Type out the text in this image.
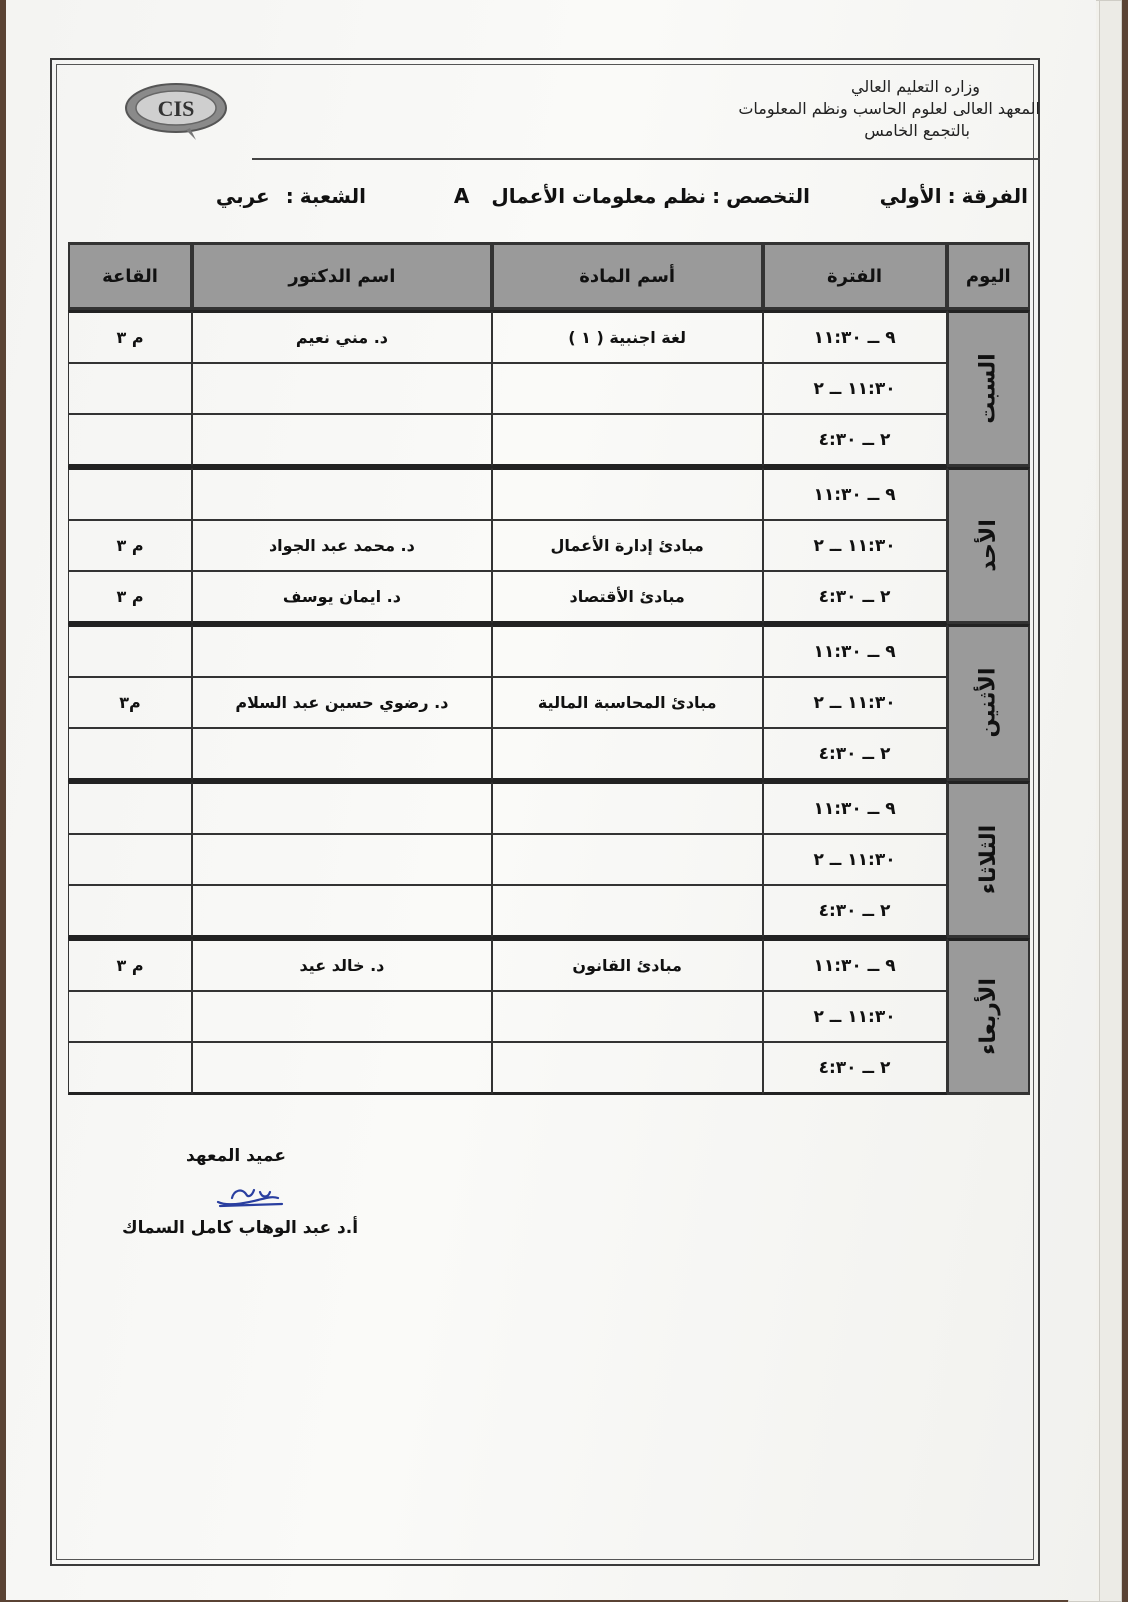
CIS
وزاره التعليم العالي
المعهد العالى لعلوم الحاسب ونظم المعلومات
بالتجمع الخامس
الفرقة:الأولي
التخصص:نظم معلومات الأعمالA
الشعبة:عربي
اليوم	الفترة	أسم المادة	اسم الدكتور	القاعة
السبت	٩ ــ ١١:٣٠	لغة اجنبية ( ١ )	د. مني نعيم	م ٣
	١١:٣٠ ــ ٢			
	٢ ــ ٤:٣٠			
الأحد	٩ ــ ١١:٣٠			
	١١:٣٠ ــ ٢	مبادئ إدارة الأعمال	د. محمد عبد الجواد	م ٣
	٢ ــ ٤:٣٠	مبادئ الأقتصاد	د. ايمان يوسف	م ٣
الأثنين	٩ ــ ١١:٣٠			
	١١:٣٠ ــ ٢	مبادئ المحاسبة المالية	د. رضوي حسين عبد السلام	م٣
	٢ ــ ٤:٣٠			
الثلاثاء	٩ ــ ١١:٣٠			
	١١:٣٠ ــ ٢			
	٢ ــ ٤:٣٠			
الأربعاء	٩ ــ ١١:٣٠	مبادئ القانون	د. خالد عيد	م ٣
	١١:٣٠ ــ ٢			
	٢ ــ ٤:٣٠			
عميد المعهد
أ.د عبد الوهاب كامل السماك
